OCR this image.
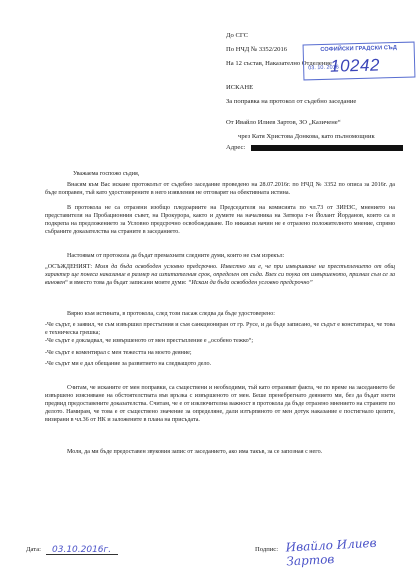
До СГС
По НЧД № 3352/2016
На 12 състав, Наказателно Отделение
СОФИЙСКИ ГРАДСКИ СЪД
03. 10. 2016
10242
ИСКАНЕ
За поправка на протокол от съдебно заседание
От Ивайло Илиев Зартов, ЗО „Казичене“
чрез Катя Христова Донкова, като пълномощник
Адрес:
Уважаема госпожо съдия,
Внасям към Вас искане протоколът от съдебно заседание проведено на 28.07.2016г. по НЧД № 3352 по описа за 2016г. да бъде поправен, тъй като удостоверените в него изявления не отговарят на обективната истина.
В протокола не са отразени изобщо пледоариите на Председателя на комисията по чл.73 от ЗИНЗС, мнението на представителя на Пробационния съвет, на Прокурора, както и думите на началника на Затвора г-н Йолант Йорданов, които са в подкрепа на предложението за Условно предсрочно освобождаване. По никакъв начин не е отразено положителното мнение, спрямо събраните доказателства на страните в заседанието.
Настоявам от протокола да бъдат премахнати следните думи, които не съм изрекъл:
„ОСЪЖДЕНИЯТ: Моля да бъда освободен условно предсрочно. Известно ми е, че при извършване на престъплението от общ характер ще понеса наказание в размер на изпитателния срок, определен от съда. Взех си поука от извършеното, признал съм се за виновен“ и вместо това да бъдат записани моите думи: “Искам да бъда освободен условно предсрочно”
Вярно към истината, в протокола, след този пасаж следва да бъде удостоверено:
-Че съдът, е заявил, че съм извършил престъпния и съм санкциониран от гр. Русе, и да бъде записано, че съдът е констатирал, че това е техническа грешка;
-Че съдът е докладвал, че извършеното от мен престъпление е „особено тежко“;
-Че съдът е коментирал с мен тежестта на моето деяние;
-Че съдът ми е дал обещание за развитието на следващото дело.
Считам, че исканите от мен поправки, са съществени и необходими, тъй като отразяват факта, че по време на заседанието бе извършено изясняване на обстоятелствата във връзка с извършеното от мен. Беше пренебрегнато деянието ми, без да бъдат взети предвид предоставените доказателства. Считам, че е от изключителна важност в протокола да бъде отразено мнението на страните по делото. Намирам, че това е от съществено значение за определяне, дали изтърпяното от мен дотук наказание е постигнало целите, визирани в чл.36 от НК и заложените в плана на присъдата.
Моля, да ми бъде предоставен звуковия запис от заседанието, ако има такъв, за се запозная с него.
Дата: 03.10.2016г.	Подпис: Ивайло Илиев Зартов
